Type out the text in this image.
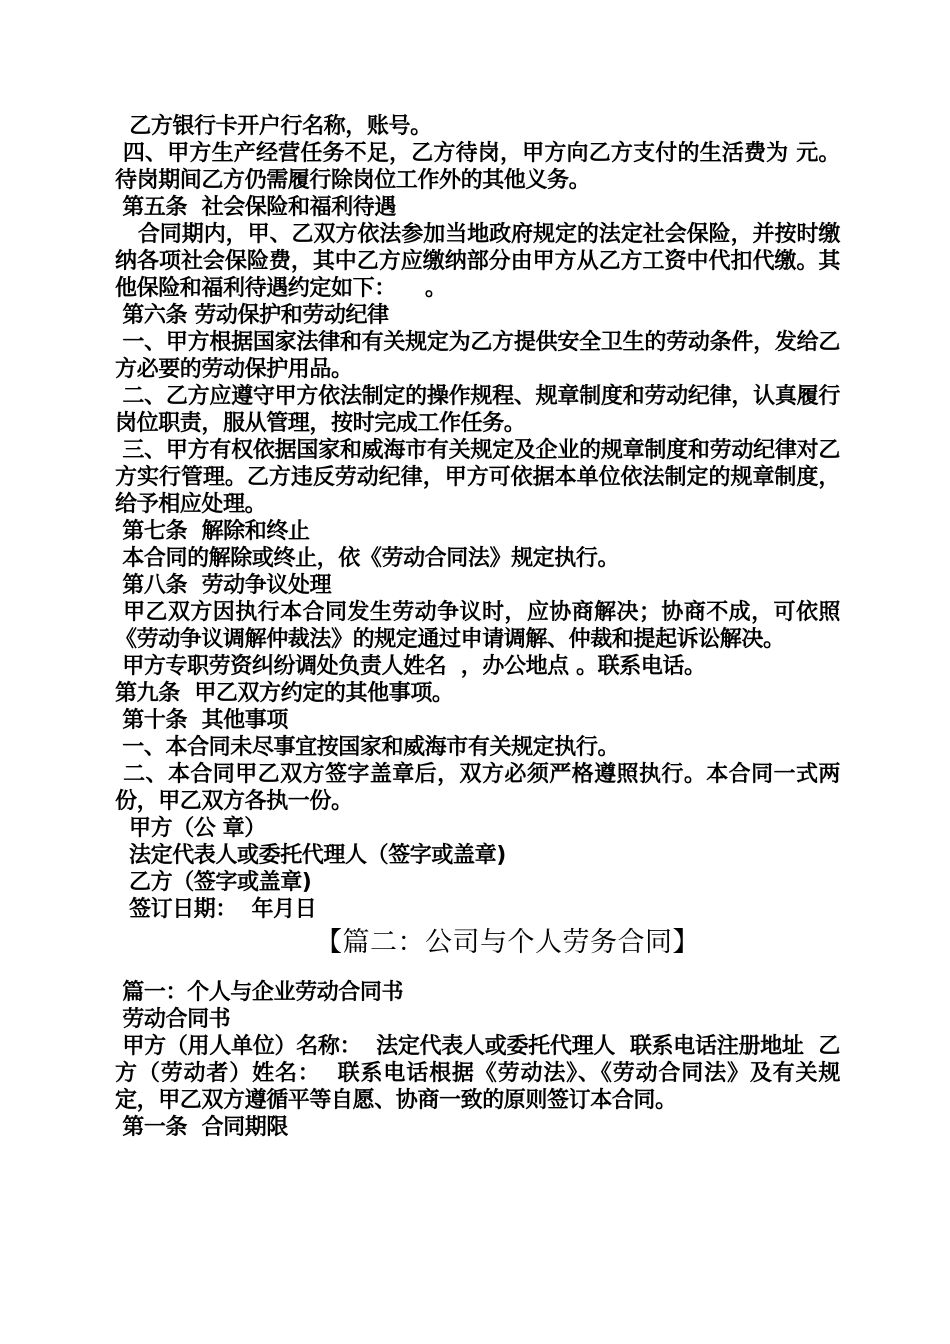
乙方银行卡开户行名称，账号。
四、甲方生产经营任务不足，乙方待岗，甲方向乙方支付的生活费为 元。待岗期间乙方仍需履行除岗位工作外的其他义务。
第五条  社会保险和福利待遇
合同期内，甲、乙双方依法参加当地政府规定的法定社会保险，并按时缴纳各项社会保险费，其中乙方应缴纳部分由甲方从乙方工资中代扣代缴。其他保险和福利待遇约定如下：    。
第六条 劳动保护和劳动纪律
一、甲方根据国家法律和有关规定为乙方提供安全卫生的劳动条件，发给乙方必要的劳动保护用品。
二、乙方应遵守甲方依法制定的操作规程、规章制度和劳动纪律，认真履行岗位职责，服从管理，按时完成工作任务。
三、甲方有权依据国家和威海市有关规定及企业的规章制度和劳动纪律对乙方实行管理。乙方违反劳动纪律，甲方可依据本单位依法制定的规章制度，给予相应处理。
第七条  解除和终止
本合同的解除或终止，依《劳动合同法》规定执行。
第八条  劳动争议处理
甲乙双方因执行本合同发生劳动争议时，应协商解决；协商不成，可依照《劳动争议调解仲裁法》的规定通过申请调解、仲裁和提起诉讼解决。
甲方专职劳资纠纷调处负责人姓名  ，办公地点 。联系电话。
第九条  甲乙双方约定的其他事项。
第十条  其他事项
一、本合同未尽事宜按国家和威海市有关规定执行。
二、本合同甲乙双方签字盖章后，双方必须严格遵照执行。本合同一式两份，甲乙双方各执一份。
甲方（公 章）
法定代表人或委托代理人（签字或盖章)
乙方（签字或盖章)
签订日期：  年月日
【篇二：公司与个人劳务合同】
篇一：个人与企业劳动合同书
劳动合同书
甲方（用人单位）名称：  法定代表人或委托代理人  联系电话注册地址  乙方（劳动者）姓名：  联系电话根据《劳动法》、《劳动合同法》及有关规定，甲乙双方遵循平等自愿、协商一致的原则签订本合同。
第一条  合同期限
